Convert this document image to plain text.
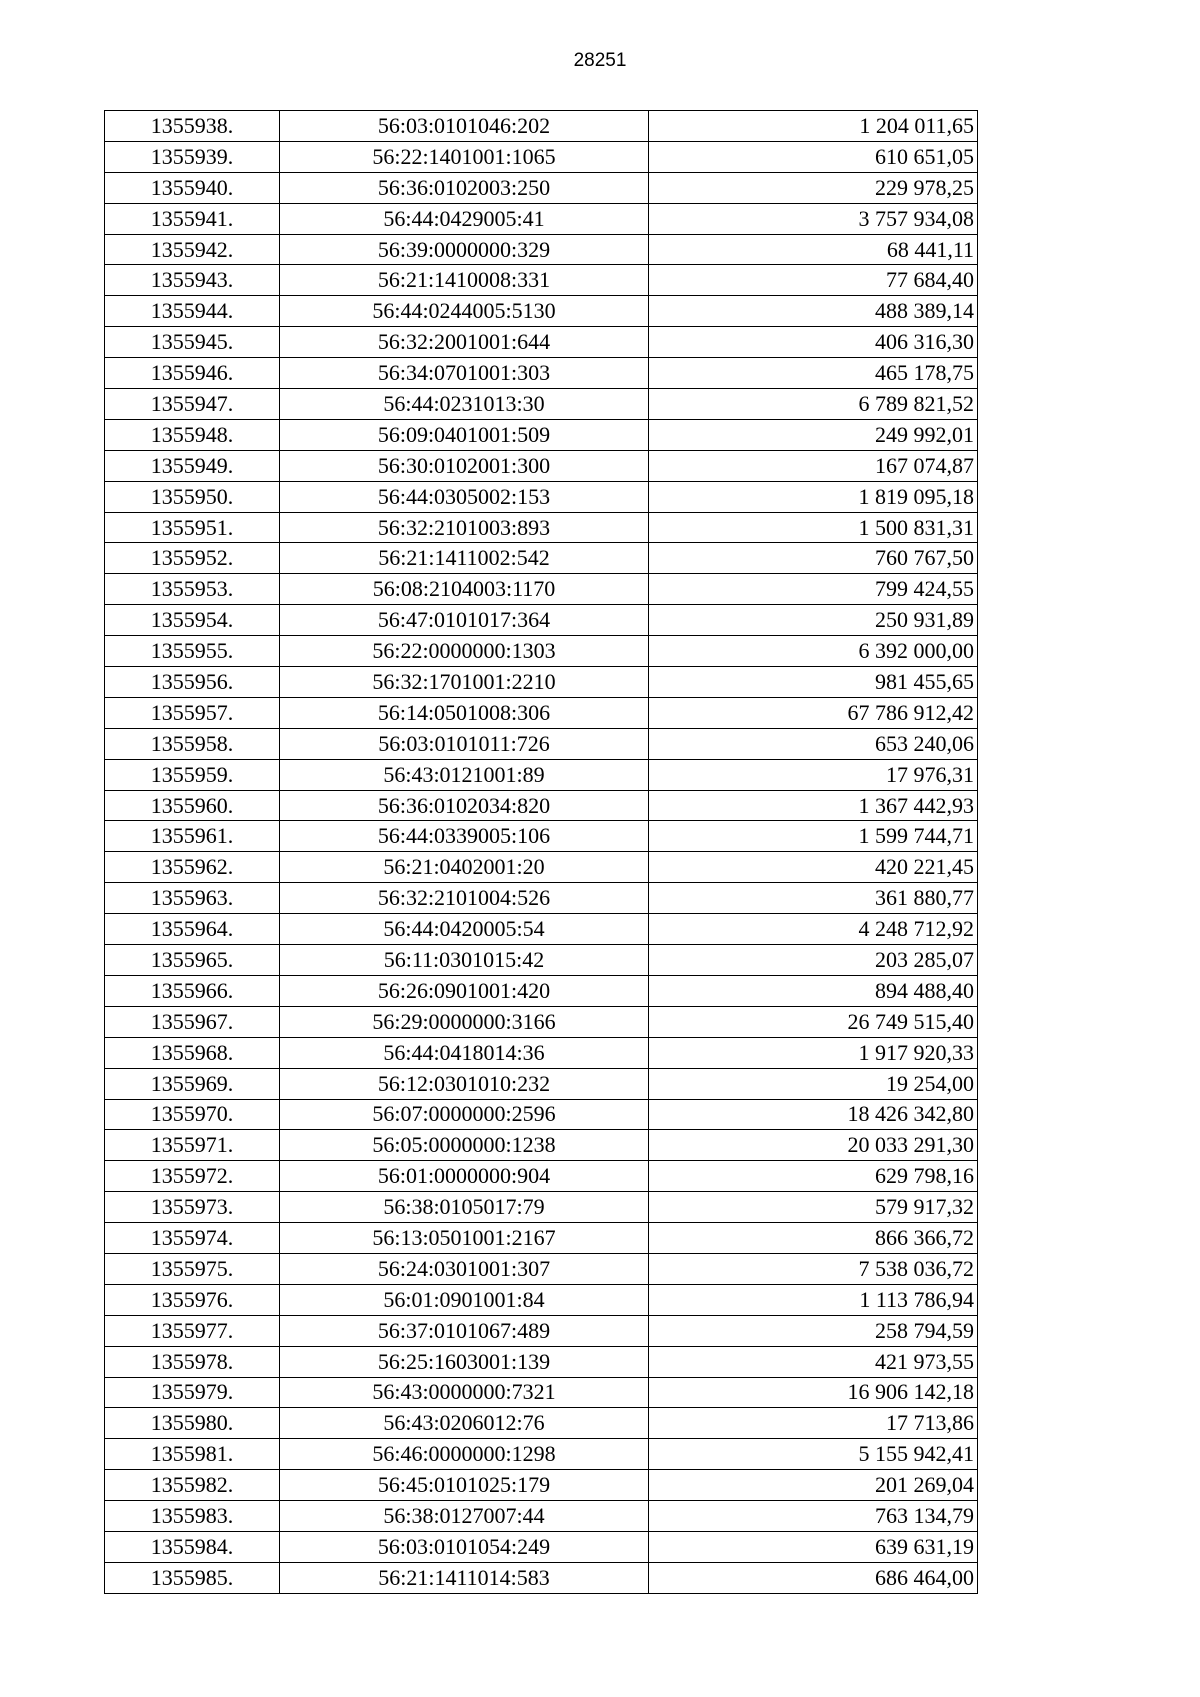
28251
1355938.	56:03:0101046:202	1 204 011,65
1355939.	56:22:1401001:1065	610 651,05
1355940.	56:36:0102003:250	229 978,25
1355941.	56:44:0429005:41	3 757 934,08
1355942.	56:39:0000000:329	68 441,11
1355943.	56:21:1410008:331	77 684,40
1355944.	56:44:0244005:5130	488 389,14
1355945.	56:32:2001001:644	406 316,30
1355946.	56:34:0701001:303	465 178,75
1355947.	56:44:0231013:30	6 789 821,52
1355948.	56:09:0401001:509	249 992,01
1355949.	56:30:0102001:300	167 074,87
1355950.	56:44:0305002:153	1 819 095,18
1355951.	56:32:2101003:893	1 500 831,31
1355952.	56:21:1411002:542	760 767,50
1355953.	56:08:2104003:1170	799 424,55
1355954.	56:47:0101017:364	250 931,89
1355955.	56:22:0000000:1303	6 392 000,00
1355956.	56:32:1701001:2210	981 455,65
1355957.	56:14:0501008:306	67 786 912,42
1355958.	56:03:0101011:726	653 240,06
1355959.	56:43:0121001:89	17 976,31
1355960.	56:36:0102034:820	1 367 442,93
1355961.	56:44:0339005:106	1 599 744,71
1355962.	56:21:0402001:20	420 221,45
1355963.	56:32:2101004:526	361 880,77
1355964.	56:44:0420005:54	4 248 712,92
1355965.	56:11:0301015:42	203 285,07
1355966.	56:26:0901001:420	894 488,40
1355967.	56:29:0000000:3166	26 749 515,40
1355968.	56:44:0418014:36	1 917 920,33
1355969.	56:12:0301010:232	19 254,00
1355970.	56:07:0000000:2596	18 426 342,80
1355971.	56:05:0000000:1238	20 033 291,30
1355972.	56:01:0000000:904	629 798,16
1355973.	56:38:0105017:79	579 917,32
1355974.	56:13:0501001:2167	866 366,72
1355975.	56:24:0301001:307	7 538 036,72
1355976.	56:01:0901001:84	1 113 786,94
1355977.	56:37:0101067:489	258 794,59
1355978.	56:25:1603001:139	421 973,55
1355979.	56:43:0000000:7321	16 906 142,18
1355980.	56:43:0206012:76	17 713,86
1355981.	56:46:0000000:1298	5 155 942,41
1355982.	56:45:0101025:179	201 269,04
1355983.	56:38:0127007:44	763 134,79
1355984.	56:03:0101054:249	639 631,19
1355985.	56:21:1411014:583	686 464,00
